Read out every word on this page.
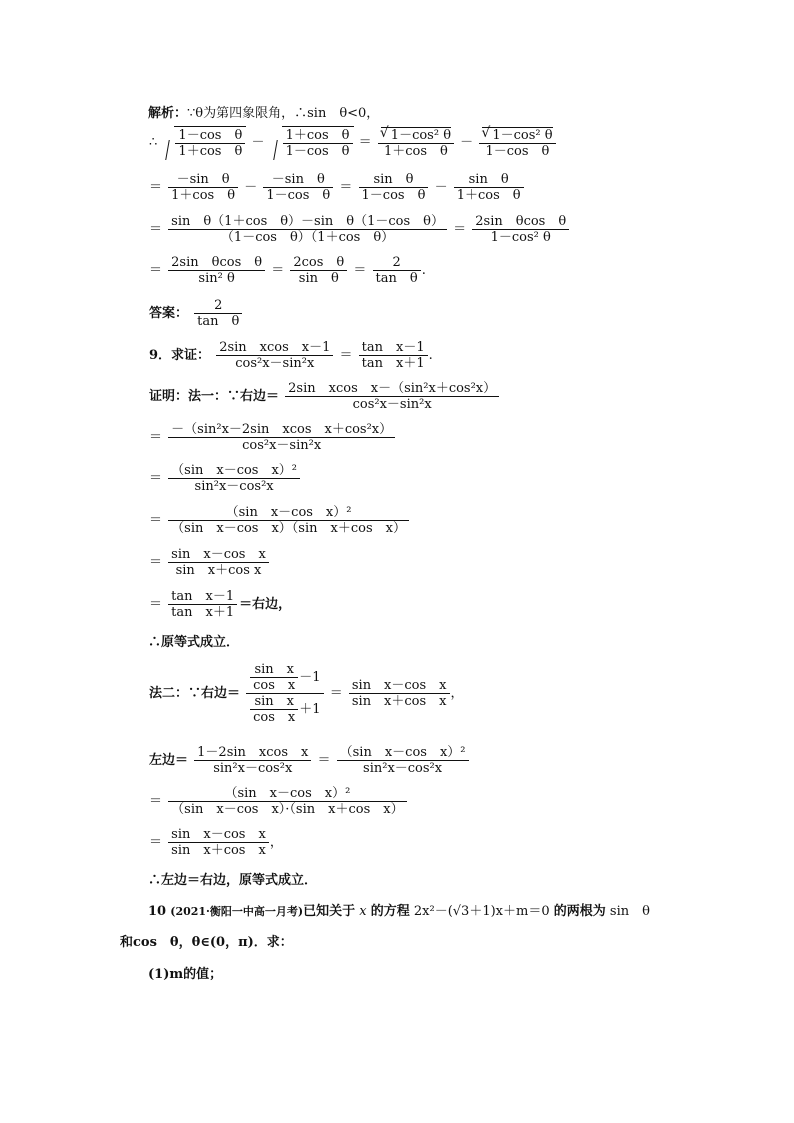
解析：∵θ为第四象限角，∴sin　θ<0，
∴ $\frac{\text{1－cos　θ}}{\text{1＋cos　θ}} - \frac{\text{1＋cos　θ}}{\text{1－cos　θ}}$ ＝ √ $\frac{\text{1－cos² θ}}{\text{1＋cos　θ}}$ － √ $\frac{\text{1－cos² θ}}{\text{1－cos　θ}}$
＝ $\frac{\text{－sin　θ}}{\text{1＋cos　θ}} - \frac{\text{－sin　θ}}{\text{1－cos　θ}} = \frac{\text{sin　θ}}{\text{1－cos　θ}} - \frac{\text{sin　θ}}{\text{1＋cos　θ}}$
＝ $\frac{\text{sin　θ（1＋cos　θ）－sin　θ（1－cos　θ）}}{\text{（1－cos　θ）（1＋cos　θ）}} = \frac{\text{2sin　θcos　θ}}{\text{1－cos² θ}}$
＝ $\frac{\text{2sin　θcos　θ}}{\text{sin² θ}} = \frac{\text{2cos　θ}}{\text{sin　θ}} = \frac{2}{\text{tan　θ}}$ .
答案： $\frac{2}{\text{tan　θ}}$
9．求证： $\frac{\text{2sin　xcos　x－1}}{\text{cos²x－sin²x}} = \frac{\text{tan　x－1}}{\text{tan　x＋1}}$ .
证明：法一：∵右边＝ $\frac{\text{2sin　xcos　x－（sin²x＋cos²x）}}{\text{cos²x－sin²x}}$
＝ $\frac{\text{－（sin²x－2sin　xcos　x＋cos²x）}}{\text{cos²x－sin²x}}$
＝ $\frac{\text{（sin　x－cos　x）²}}{\text{sin²x－cos²x}}$
＝ $\frac{\text{（sin　x－cos　x）²}}{\text{（sin　x－cos　x）（sin　x＋cos　x）}}$
＝ $\frac{\text{sin　x－cos　x}}{\text{sin　x＋cos x}}$
＝ $\frac{\text{tan　x－1}}{\text{tan　x＋1}}$ ＝右边，
∴原等式成立．
法二：∵右边＝ $\frac{\frac{\text{sin　x}}{\text{cos　x}} -1}{\frac{\text{sin　x}}{\text{cos　x}} +1} = \frac{\text{sin　x－cos　x}}{\text{sin　x＋cos　x}}$ ，
左边＝ $\frac{\text{1－2sin　xcos　x}}{\text{sin²x－cos²x}} = \frac{\text{（sin　x－cos　x）²}}{\text{sin²x－cos²x}}$
＝ $\frac{\text{（sin　x－cos　x）²}}{\text{（sin　x－cos　x）·（sin　x＋cos　x）}}$
＝ $\frac{\text{sin　x－cos　x}}{\text{sin　x＋cos　x}}$ ，
∴左边＝右边，原等式成立．
10 (2021·衡阳一中高一月考)已知关于 x 的方程 2x²－(√3＋1)x＋m＝0 的两根为 sin　θ
和cos　θ，θ∈(0，π)．求：
(1)m的值；
